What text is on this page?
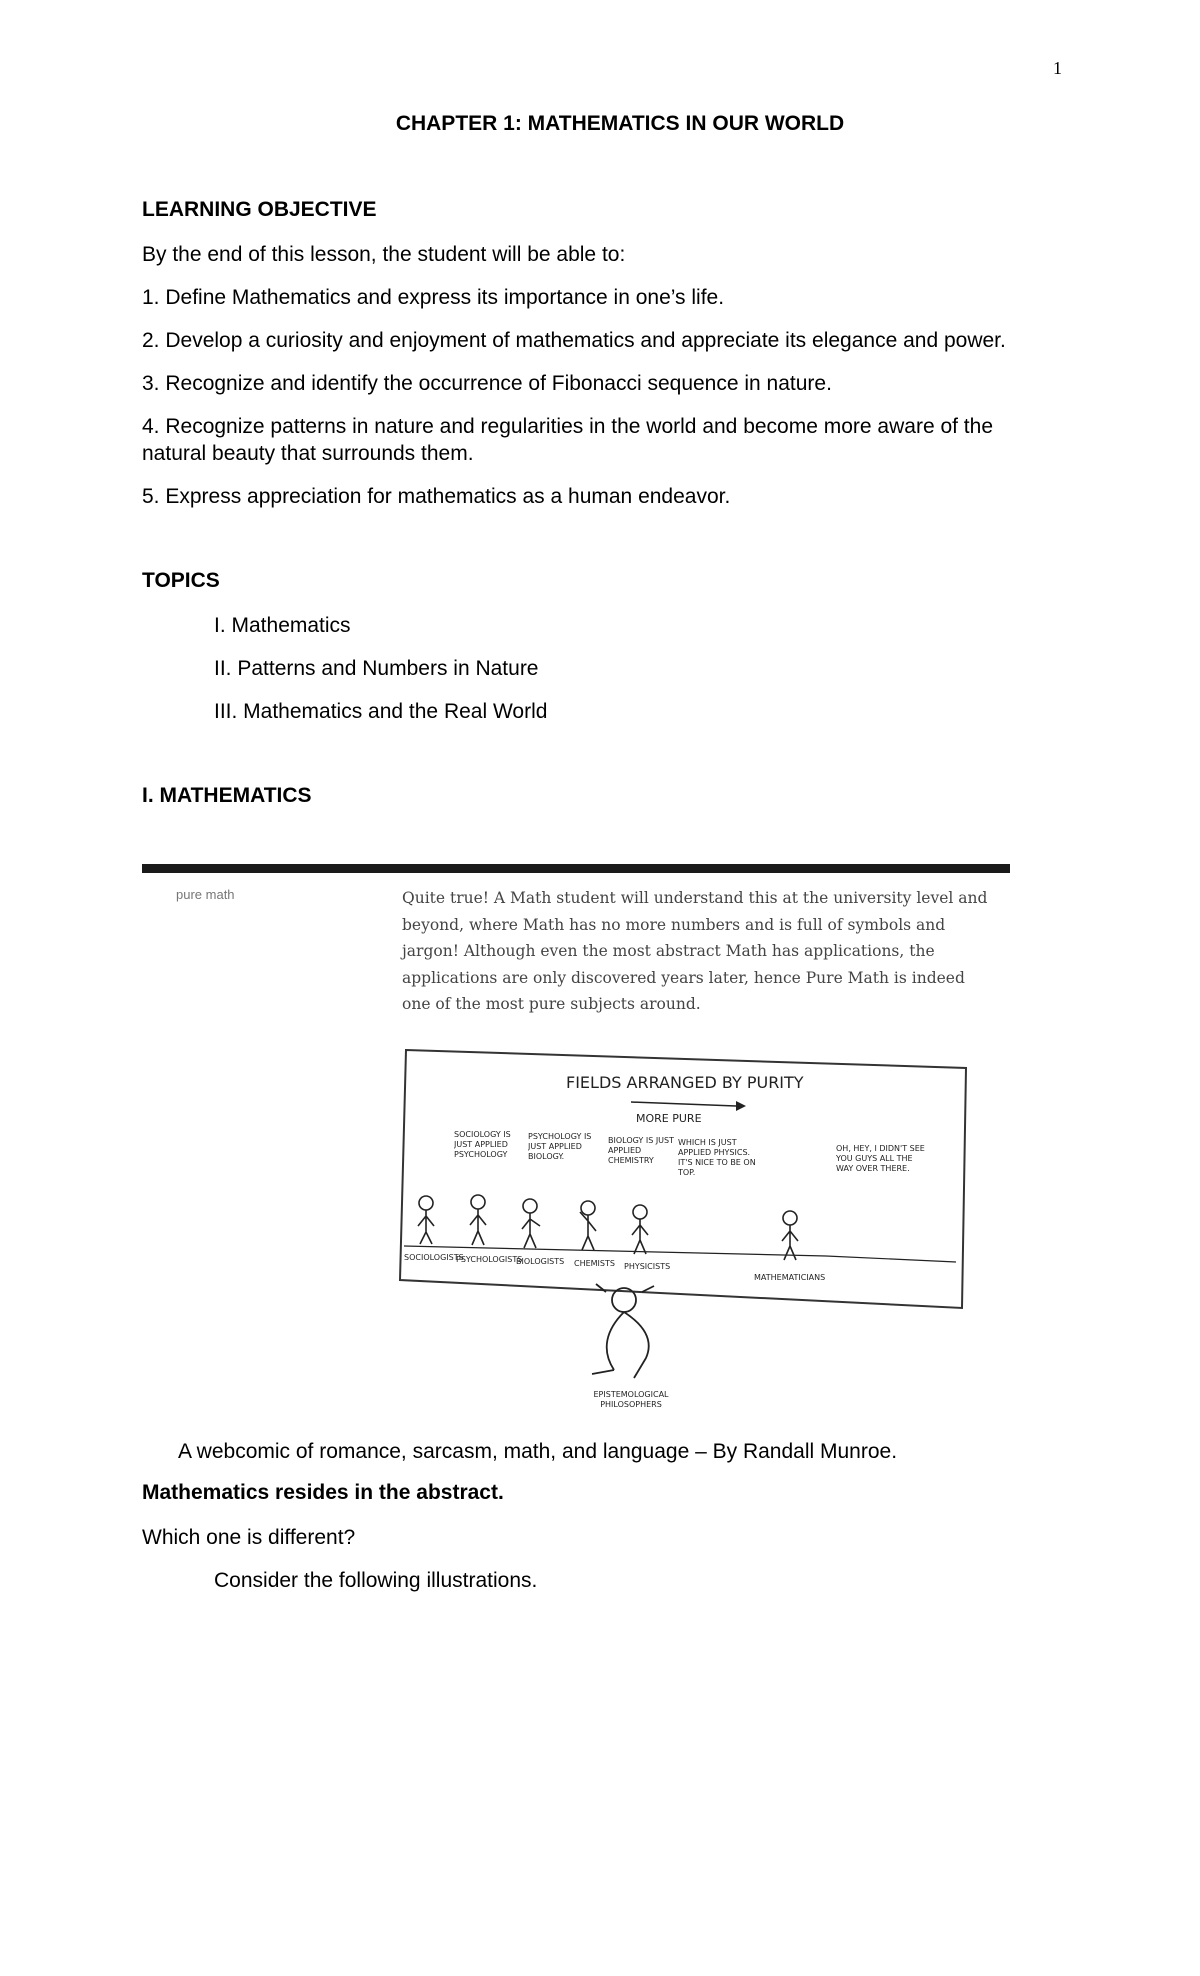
1
CHAPTER 1: MATHEMATICS IN OUR WORLD
LEARNING OBJECTIVE
By the end of this lesson, the student will be able to:
1. Define Mathematics and express its importance in one’s life.
2. Develop a curiosity and enjoyment of mathematics and appreciate its elegance and power.
3. Recognize and identify the occurrence of Fibonacci sequence in nature.
4. Recognize patterns in nature and regularities in the world and become more aware of the natural beauty that surrounds them.
5. Express appreciation for mathematics as a human endeavor.
TOPICS
I. Mathematics
II. Patterns and Numbers in Nature
III. Mathematics and the Real World
I. MATHEMATICS
pure math	Quite true! A Math student will understand this at the university level and beyond, where Math has no more numbers and is full of symbols and jargon! Although even the most abstract Math has applications, the applications are only discovered years later, hence Pure Math is indeed one of the most pure subjects around.
FIELDS ARRANGED BY PURITY
MORE PURE
SOCIOLOGY IS JUST APPLIED PSYCHOLOGY
PSYCHOLOGY IS JUST APPLIED BIOLOGY.
BIOLOGY IS JUST APPLIED CHEMISTRY
WHICH IS JUST APPLIED PHYSICS. IT'S NICE TO BE ON TOP.
OH, HEY, I DIDN'T SEE YOU GUYS ALL THE WAY OVER THERE.
SOCIOLOGISTS
PSYCHOLOGISTS
BIOLOGISTS CHEMISTS PHYSICISTS
MATHEMATICIANS
EPISTEMOLOGICAL PHILOSOPHERS
A webcomic of romance, sarcasm, math, and language – By Randall Munroe.
Mathematics resides in the abstract.
Which one is different?
Consider the following illustrations.
